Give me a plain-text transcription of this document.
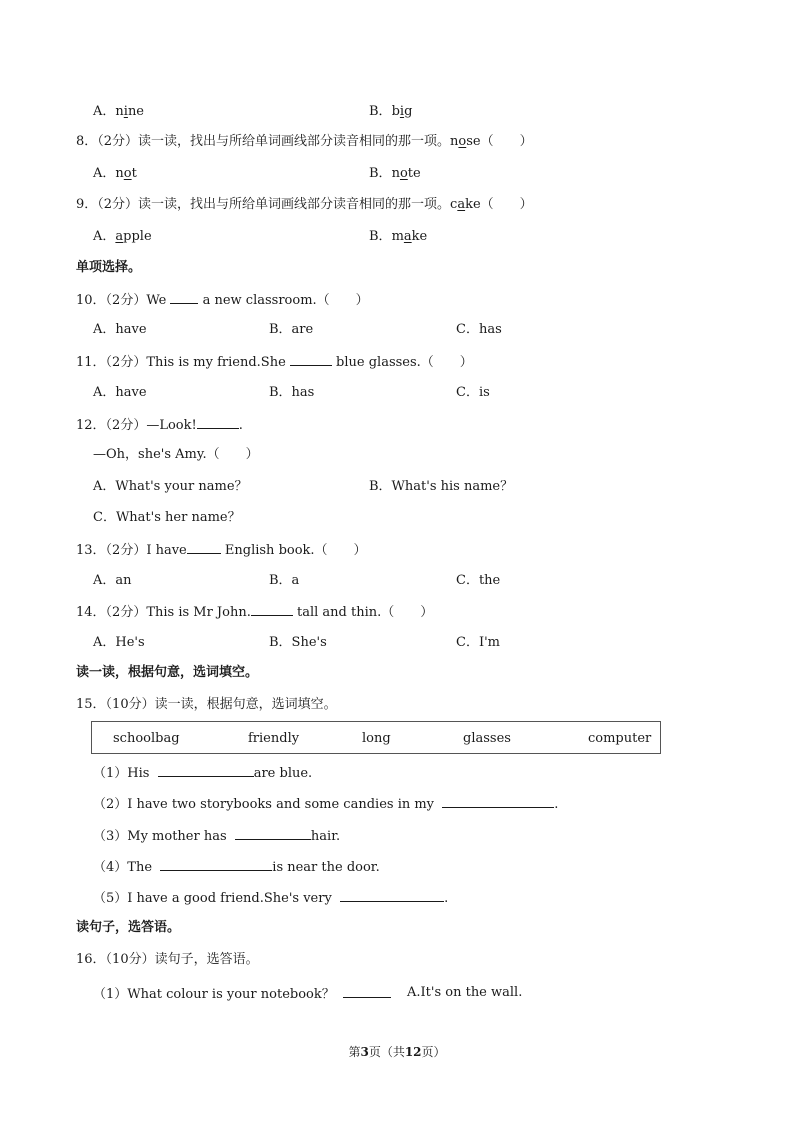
A．nine	B．big
8．（2分）读一读，找出与所给单词画线部分读音相同的那一项。nose（　　）
A．not	B．note
9．（2分）读一读，找出与所给单词画线部分读音相同的那一项。cake（　　）
A．apple	B．make
单项选择。
10．（2分）We	a new classroom.（　　）
A．have	B．are	C．has
11．（2分）This is my friend.She	blue glasses.（　　）
A．have	B．has	C．is
12．（2分）—Look!	.
—Oh，she's Amy.（　　）
A．What's your name？	B．What's his name？
C．What's her name？
13．（2分）I have	English book.（　　）
A．an	B．a	C．the
14．（2分）This is Mr John.	tall and thin.（　　）
A．He's	B．She's	C．I'm
读一读，根据句意，选词填空。
15．（10分）读一读，根据句意，选词填空。
schoolbag	friendly	long	glasses	computer
（1）His	are blue.
（2）I have two storybooks and some candies in my	.
（3）My mother has	hair.
（4）The	is near the door.
（5）I have a good friend.She's very	.
读句子，选答语。
16．（10分）读句子，选答语。
（1）What colour is your notebook？	A.It's on the wall.
第3页（共12页）
